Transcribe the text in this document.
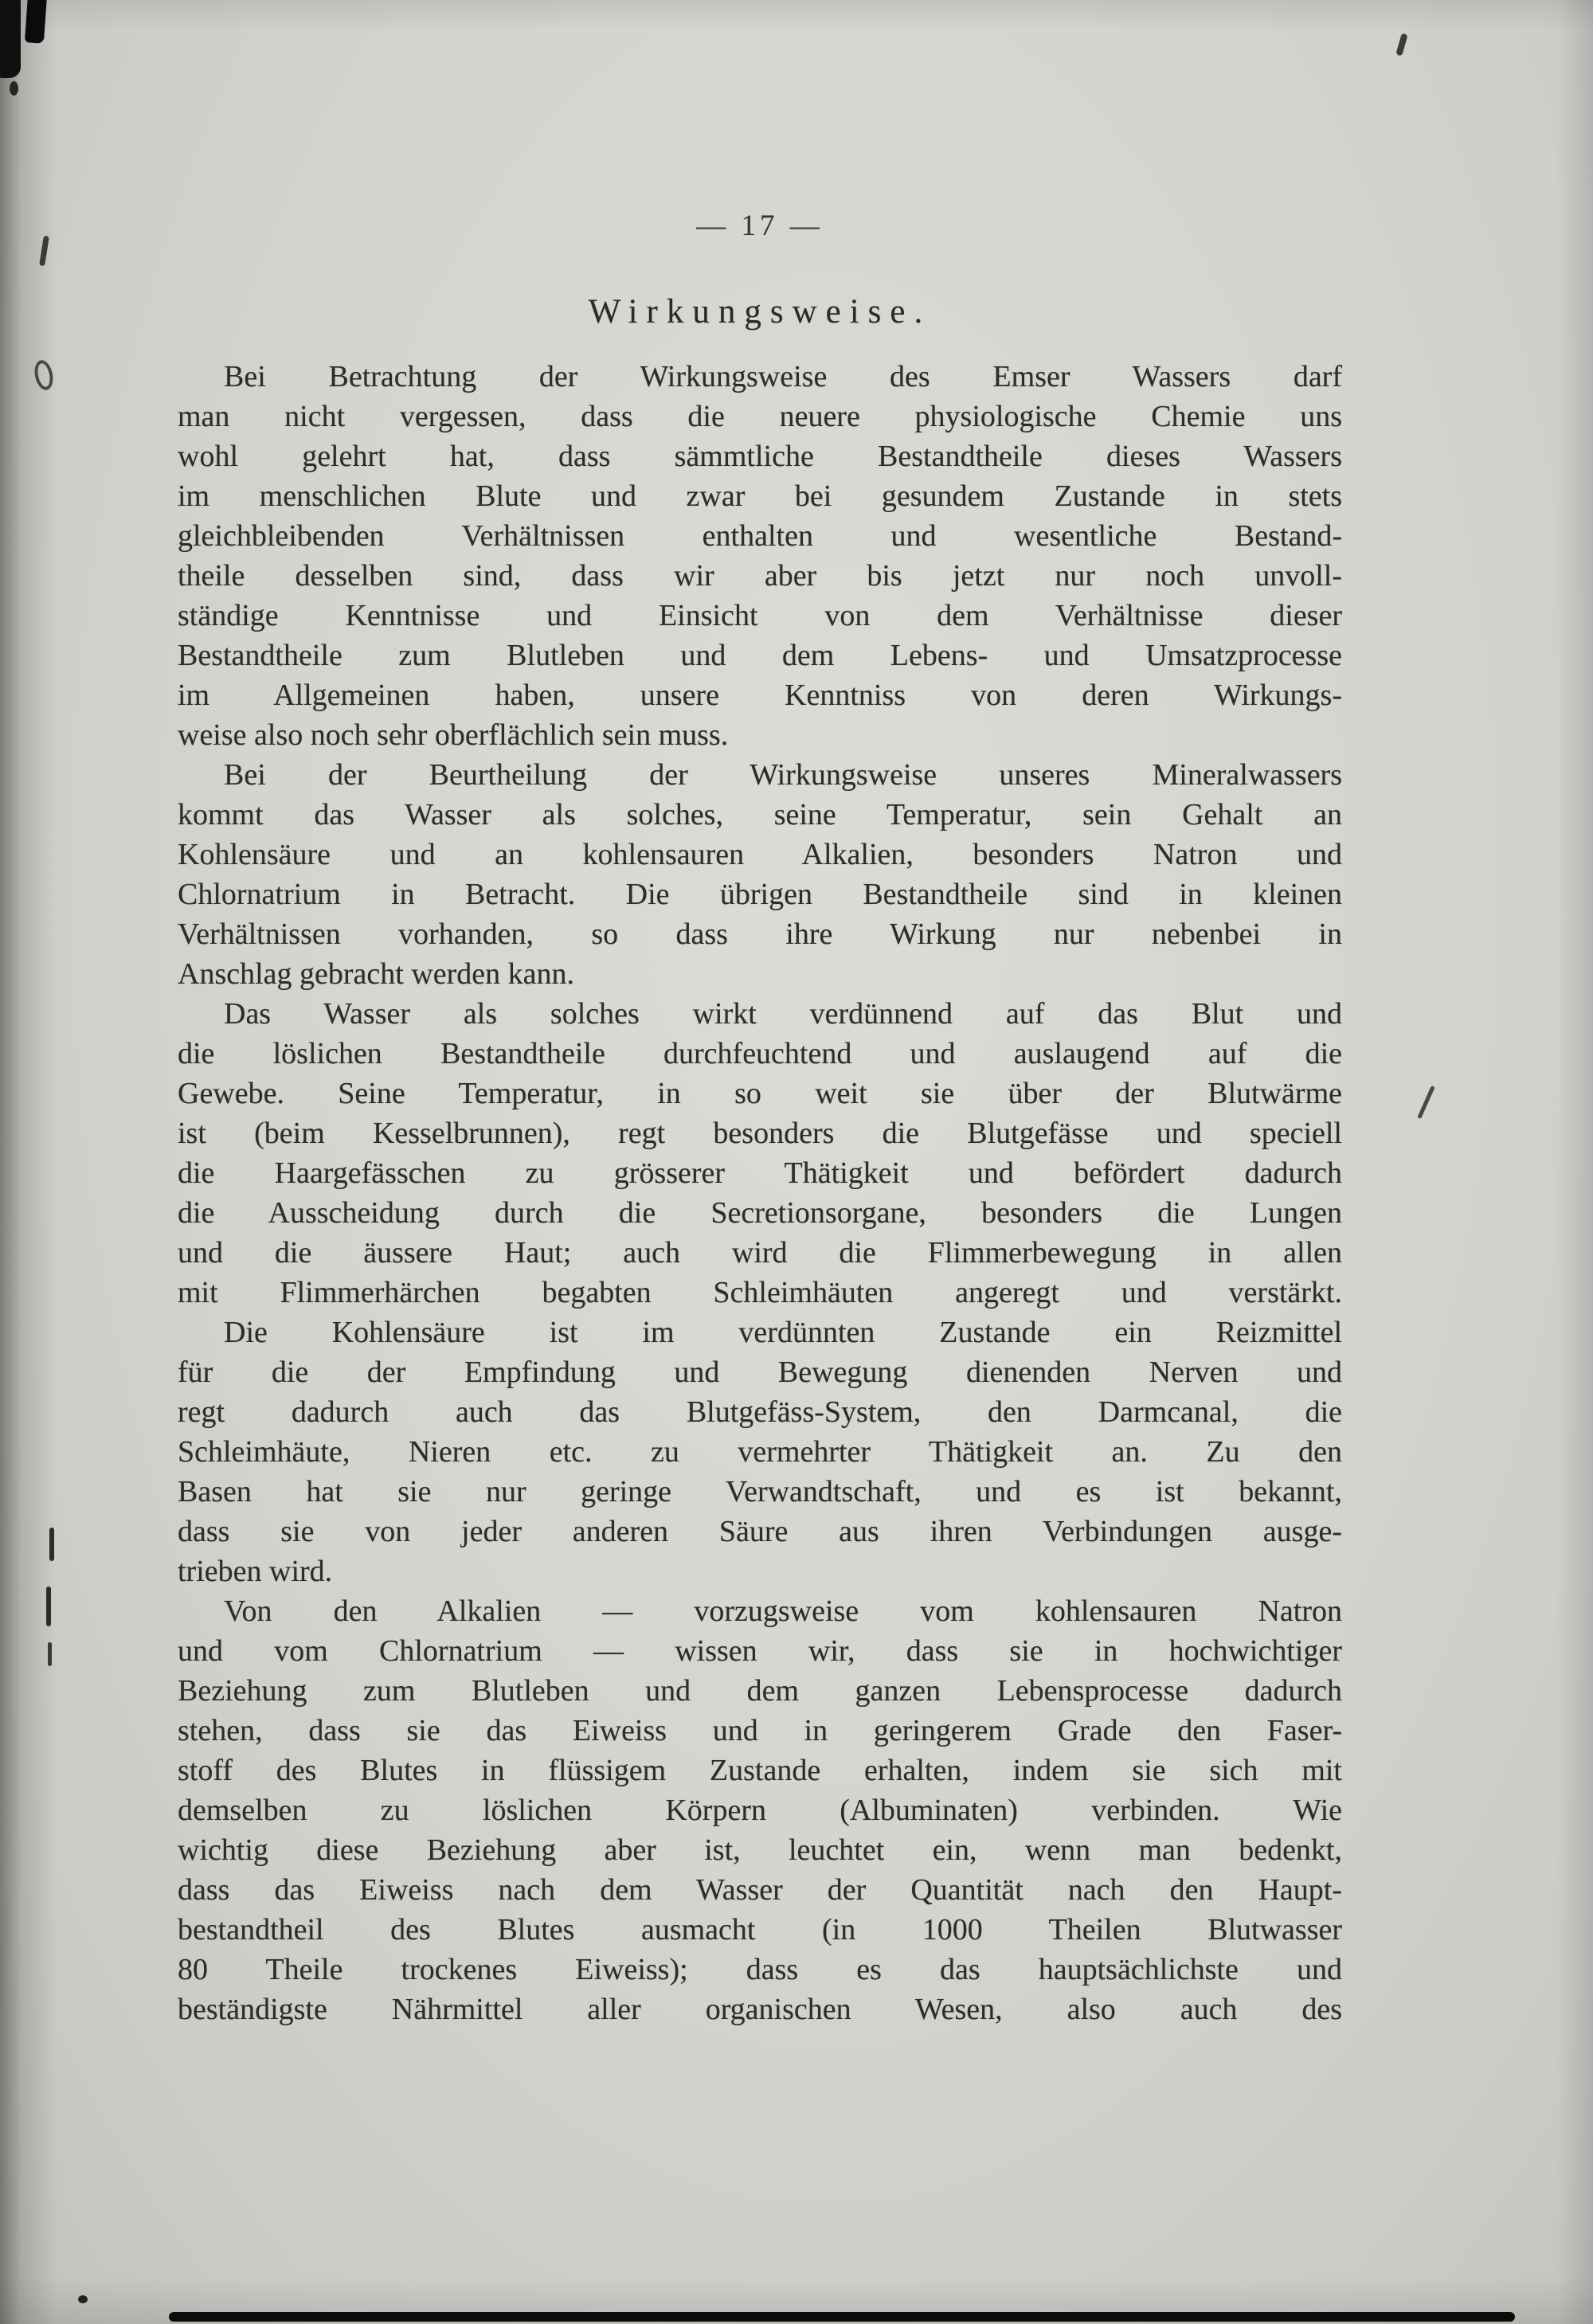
— 17 —
Wirkungsweise.
Bei Betrachtung der Wirkungsweise des Emser Wassers darf
man nicht vergessen, dass die neuere physiologische Chemie uns
wohl gelehrt hat, dass sämmtliche Bestandtheile dieses Wassers
im menschlichen Blute und zwar bei gesundem Zustande in stets
gleichbleibenden Verhältnissen enthalten und wesentliche Bestand-
theile desselben sind, dass wir aber bis jetzt nur noch unvoll-
ständige Kenntnisse und Einsicht von dem Verhältnisse dieser
Bestandtheile zum Blutleben und dem Lebens- und Umsatzprocesse
im Allgemeinen haben, unsere Kenntniss von deren Wirkungs-
weise also noch sehr oberflächlich sein muss.
Bei der Beurtheilung der Wirkungsweise unseres Mineralwassers
kommt das Wasser als solches, seine Temperatur, sein Gehalt an
Kohlensäure und an kohlensauren Alkalien, besonders Natron und
Chlornatrium in Betracht. Die übrigen Bestandtheile sind in kleinen
Verhältnissen vorhanden, so dass ihre Wirkung nur nebenbei in
Anschlag gebracht werden kann.
Das Wasser als solches wirkt verdünnend auf das Blut und
die löslichen Bestandtheile durchfeuchtend und auslaugend auf die
Gewebe. Seine Temperatur, in so weit sie über der Blutwärme
ist (beim Kesselbrunnen), regt besonders die Blutgefässe und speciell
die Haargefässchen zu grösserer Thätigkeit und befördert dadurch
die Ausscheidung durch die Secretionsorgane, besonders die Lungen
und die äussere Haut; auch wird die Flimmerbewegung in allen
mit Flimmerhärchen begabten Schleimhäuten angeregt und verstärkt.
Die Kohlensäure ist im verdünnten Zustande ein Reizmittel
für die der Empfindung und Bewegung dienenden Nerven und
regt dadurch auch das Blutgefäss-System, den Darmcanal, die
Schleimhäute, Nieren etc. zu vermehrter Thätigkeit an. Zu den
Basen hat sie nur geringe Verwandtschaft, und es ist bekannt,
dass sie von jeder anderen Säure aus ihren Verbindungen ausge-
trieben wird.
Von den Alkalien — vorzugsweise vom kohlensauren Natron
und vom Chlornatrium — wissen wir, dass sie in hochwichtiger
Beziehung zum Blutleben und dem ganzen Lebensprocesse dadurch
stehen, dass sie das Eiweiss und in geringerem Grade den Faser-
stoff des Blutes in flüssigem Zustande erhalten, indem sie sich mit
demselben zu löslichen Körpern (Albuminaten) verbinden. Wie
wichtig diese Beziehung aber ist, leuchtet ein, wenn man bedenkt,
dass das Eiweiss nach dem Wasser der Quantität nach den Haupt-
bestandtheil des Blutes ausmacht (in 1000 Theilen Blutwasser
80 Theile trockenes Eiweiss); dass es das hauptsächlichste und
beständigste Nährmittel aller organischen Wesen, also auch des
